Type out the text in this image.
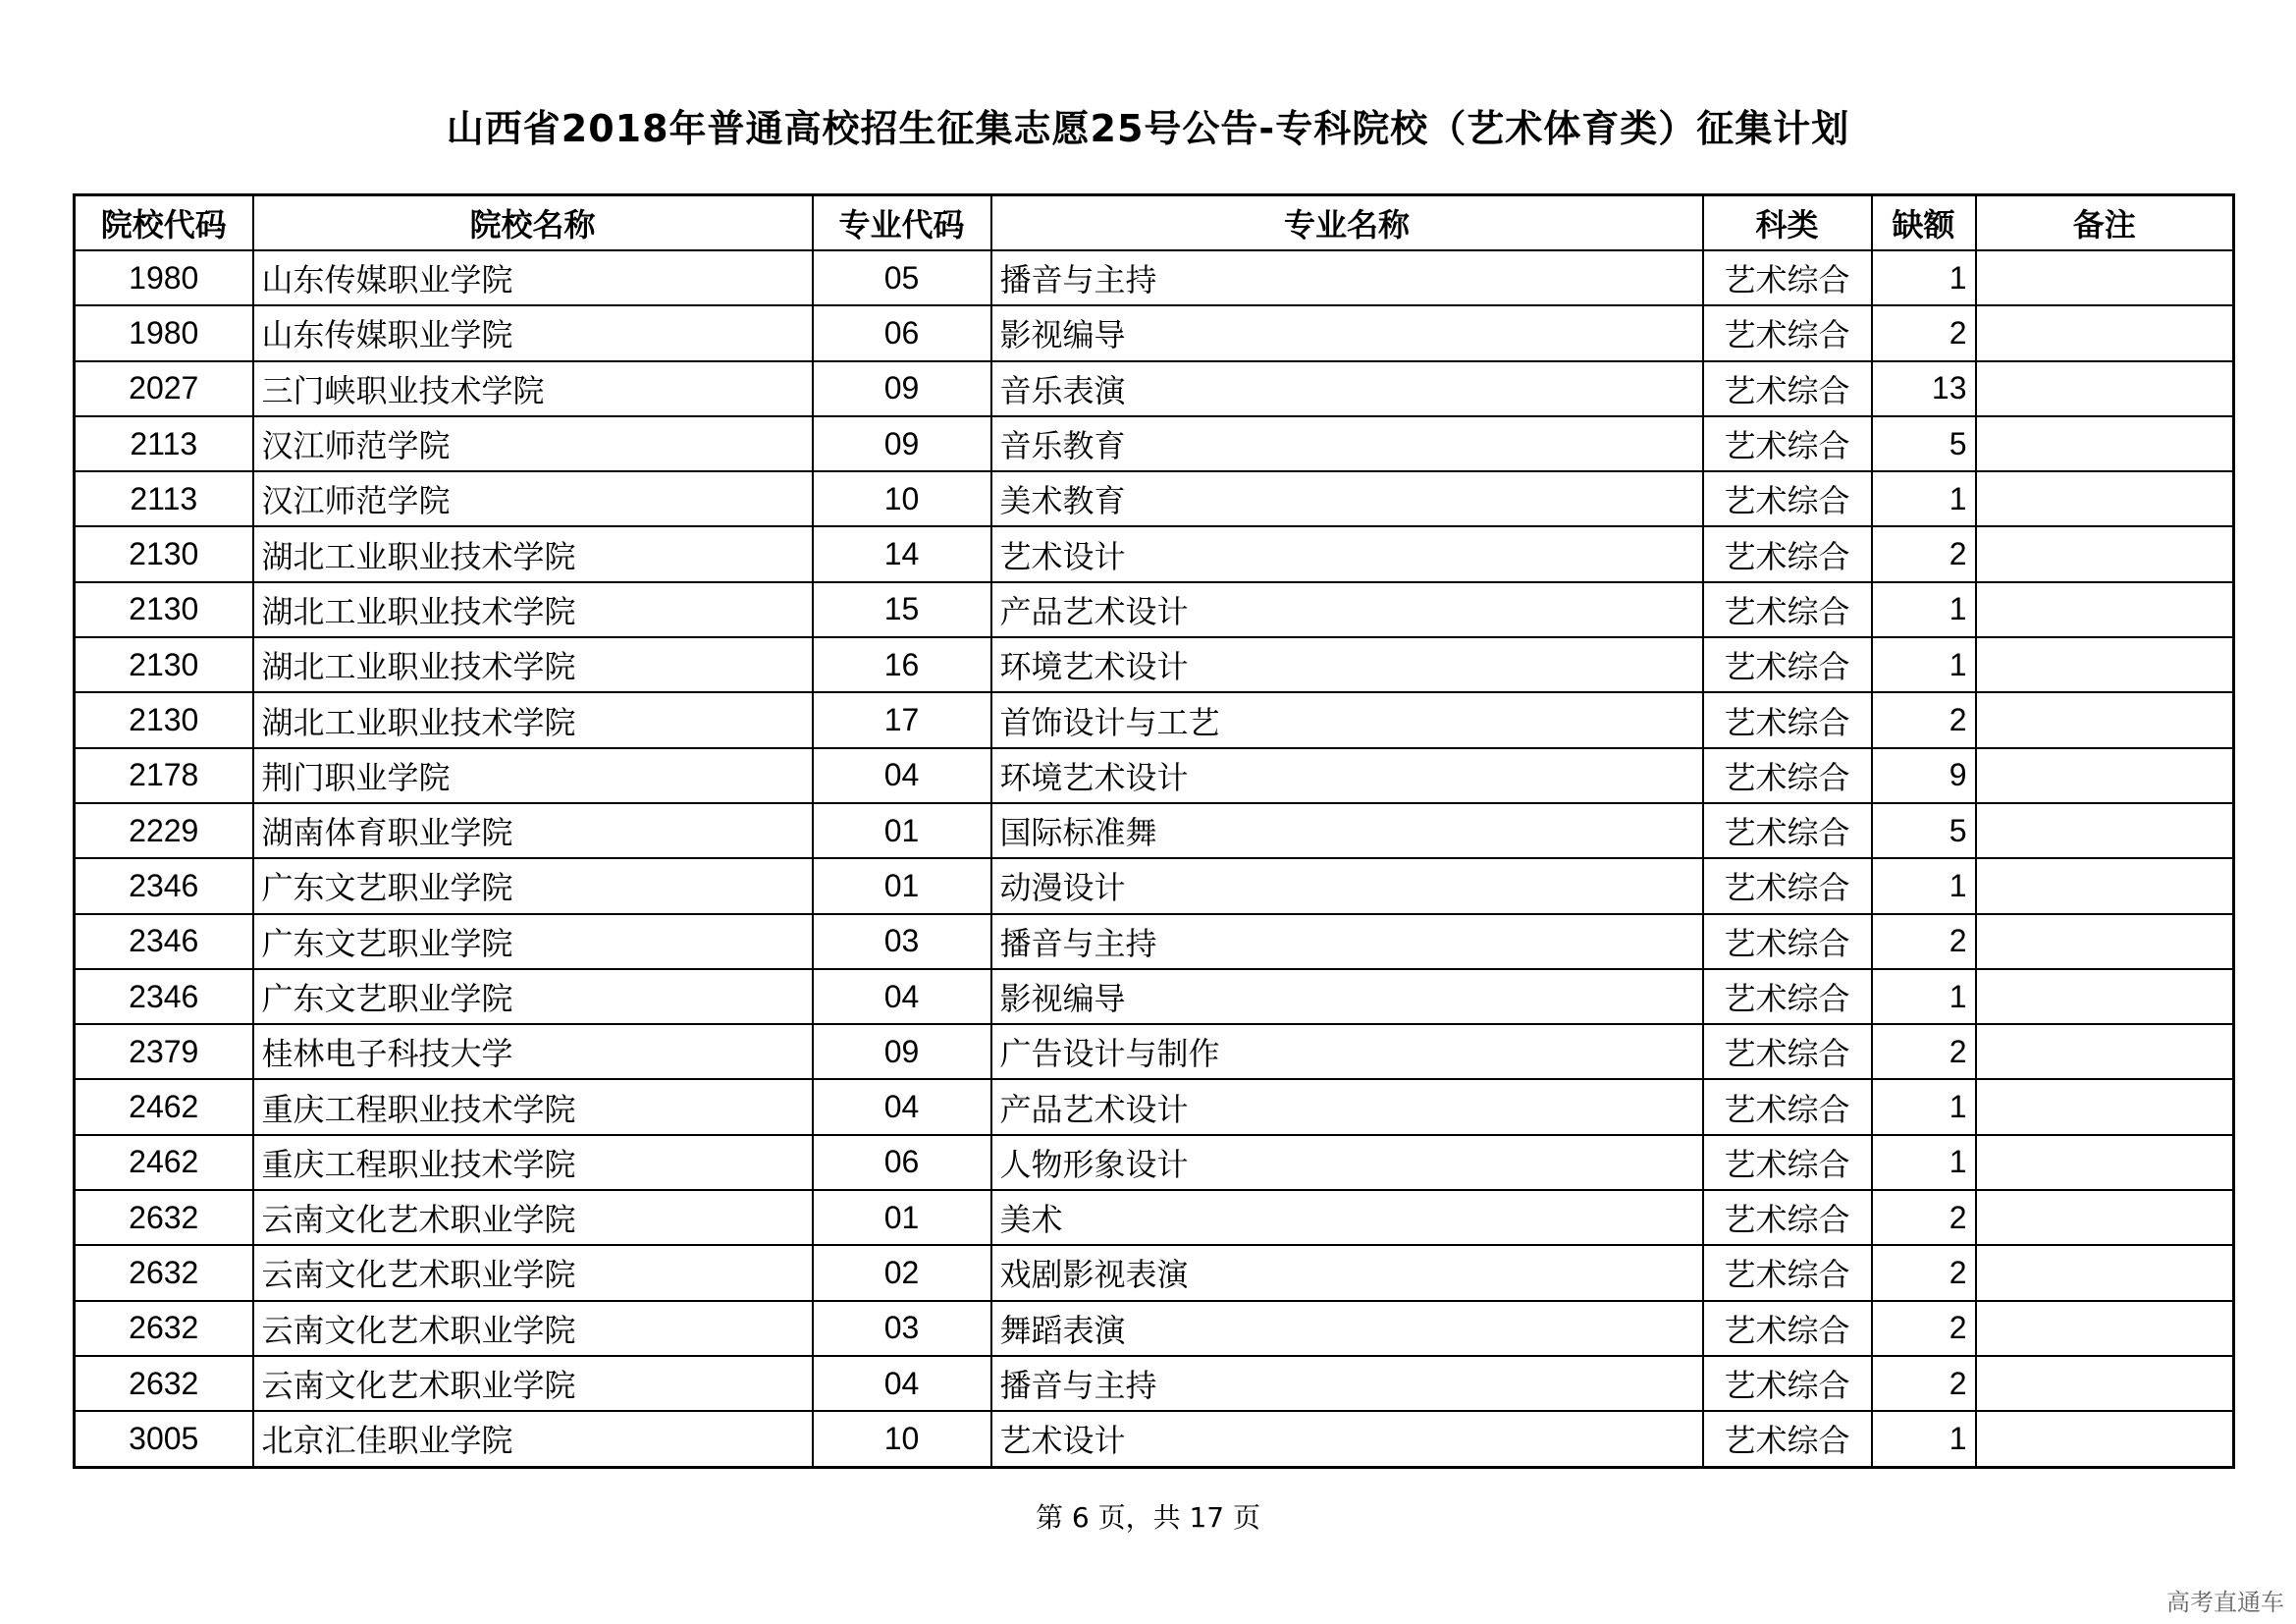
山西省2018年普通高校招生征集志愿25号公告-专科院校（艺术体育类）征集计划
院校代码	院校名称	专业代码	专业名称	科类	缺额	备注
1980	山东传媒职业学院	05	播音与主持	艺术综合	1	
1980	山东传媒职业学院	06	影视编导	艺术综合	2	
2027	三门峡职业技术学院	09	音乐表演	艺术综合	13	
2113	汉江师范学院	09	音乐教育	艺术综合	5	
2113	汉江师范学院	10	美术教育	艺术综合	1	
2130	湖北工业职业技术学院	14	艺术设计	艺术综合	2	
2130	湖北工业职业技术学院	15	产品艺术设计	艺术综合	1	
2130	湖北工业职业技术学院	16	环境艺术设计	艺术综合	1	
2130	湖北工业职业技术学院	17	首饰设计与工艺	艺术综合	2	
2178	荆门职业学院	04	环境艺术设计	艺术综合	9	
2229	湖南体育职业学院	01	国际标准舞	艺术综合	5	
2346	广东文艺职业学院	01	动漫设计	艺术综合	1	
2346	广东文艺职业学院	03	播音与主持	艺术综合	2	
2346	广东文艺职业学院	04	影视编导	艺术综合	1	
2379	桂林电子科技大学	09	广告设计与制作	艺术综合	2	
2462	重庆工程职业技术学院	04	产品艺术设计	艺术综合	1	
2462	重庆工程职业技术学院	06	人物形象设计	艺术综合	1	
2632	云南文化艺术职业学院	01	美术	艺术综合	2	
2632	云南文化艺术职业学院	02	戏剧影视表演	艺术综合	2	
2632	云南文化艺术职业学院	03	舞蹈表演	艺术综合	2	
2632	云南文化艺术职业学院	04	播音与主持	艺术综合	2	
3005	北京汇佳职业学院	10	艺术设计	艺术综合	1	
第 6 页，共 17 页
高考直通车
